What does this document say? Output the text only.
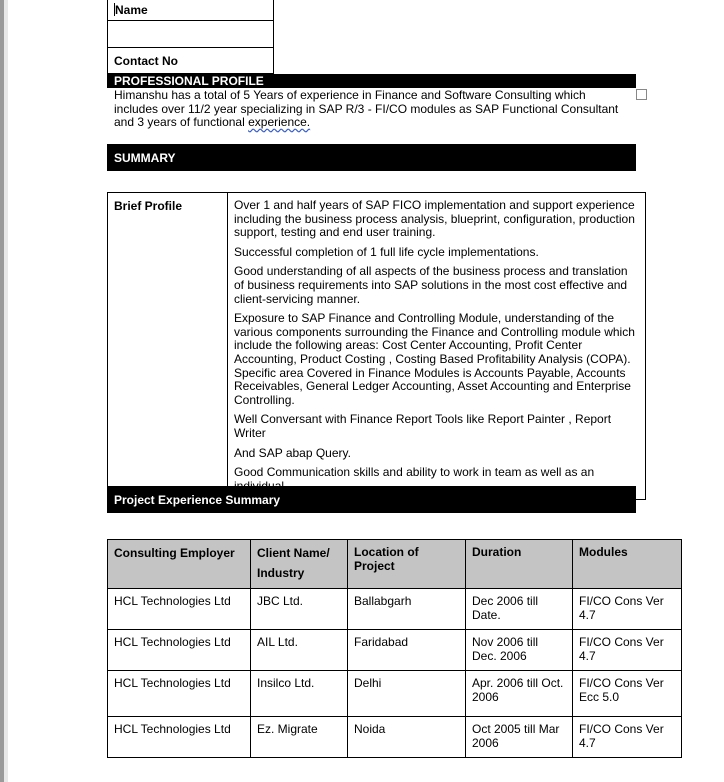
Name

Contact No
PROFESSIONAL PROFILE
Himanshu has a total of 5 Years of experience in Finance and Software Consulting which includes over 11/2 year specializing in SAP R/3 - FI/CO modules as SAP Functional Consultant and 3 years of functional experience.
SUMMARY
Brief Profile	Over 1 and half years of SAP FICO implementation and support experience including the business process analysis, blueprint, configuration, production support, testing and end user training.

Successful completion of 1 full life cycle implementations.

Good understanding of all aspects of the business process and translation of business requirements into SAP solutions in the most cost effective and client-servicing manner.

Exposure to SAP Finance and Controlling Module, understanding of the various components surrounding the Finance and Controlling module which include the following areas: Cost Center Accounting, Profit Center Accounting, Product Costing , Costing Based Profitability Analysis (COPA). Specific area Covered in Finance Modules is Accounts Payable, Accounts Receivables, General Ledger Accounting, Asset Accounting and Enterprise Controlling.

Well Conversant with Finance Report Tools like Report Painter , Report Writer

And SAP abap Query.

Good Communication skills and ability to work in team as well as an

Project Experience Summary
Consulting Employer	Client Name/ Industry	Location of Project	Duration	Modules
HCL Technologies Ltd	JBC Ltd.	Ballabgarh	Dec 2006 till Date.	FI/CO Cons Ver 4.7
HCL Technologies Ltd	AIL Ltd.	Faridabad	Nov 2006 till Dec. 2006	FI/CO Cons Ver 4.7
HCL Technologies Ltd	Insilco Ltd.	Delhi	Apr. 2006 till Oct. 2006	FI/CO Cons Ver Ecc 5.0
HCL Technologies Ltd	Ez. Migrate	Noida	Oct 2005 till Mar 2006	FI/CO Cons Ver 4.7
